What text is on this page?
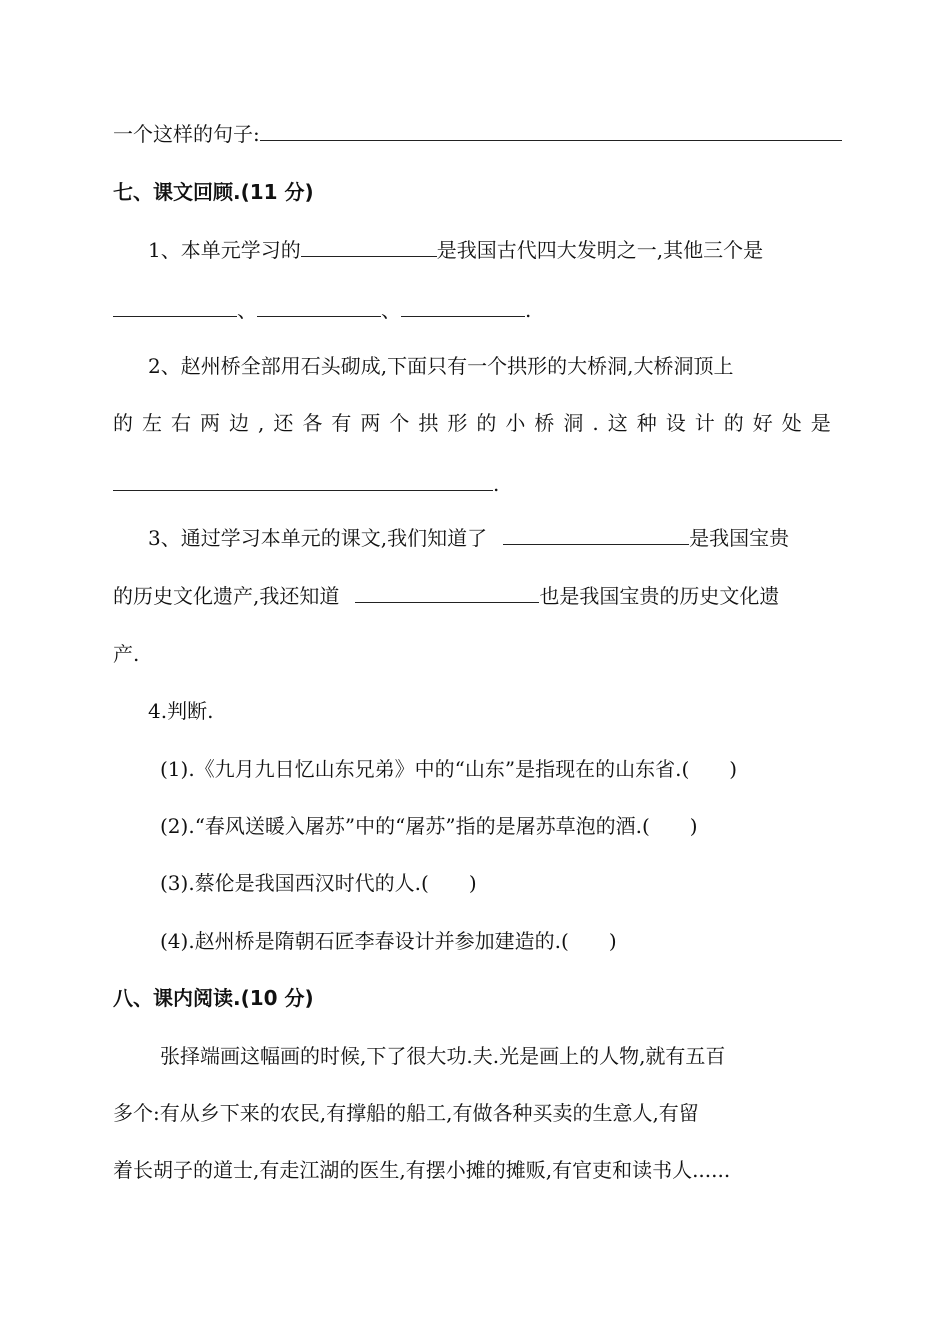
一个这样的句子:
七、课文回顾.(11 分)
1、本单元学习的	是我国古代四大发明之一,其他三个是
、	、	.
2、赵州桥全部用石头砌成,下面只有一个拱形的大桥洞,大桥洞顶上
的左右两边,还各有两个拱形的小桥洞.这种设计的好处是
.
3、通过学习本单元的课文,我们知道了	是我国宝贵
的历史文化遗产,我还知道	也是我国宝贵的历史文化遗
产.
4.判断.
(1).《九月九日忆山东兄弟》中的“山东”是指现在的山东省.(　　)
(2).“春风送暖入屠苏”中的“屠苏”指的是屠苏草泡的酒.(　　)
(3).蔡伦是我国西汉时代的人.(　　)
(4).赵州桥是隋朝石匠李春设计并参加建造的.(　　)
八、课内阅读.(10 分)
张择端画这幅画的时候,下了很大功.夫.光是画上的人物,就有五百
多个:有从乡下来的农民,有撑船的船工,有做各种买卖的生意人,有留
着长胡子的道士,有走江湖的医生,有摆小摊的摊贩,有官吏和读书人......
